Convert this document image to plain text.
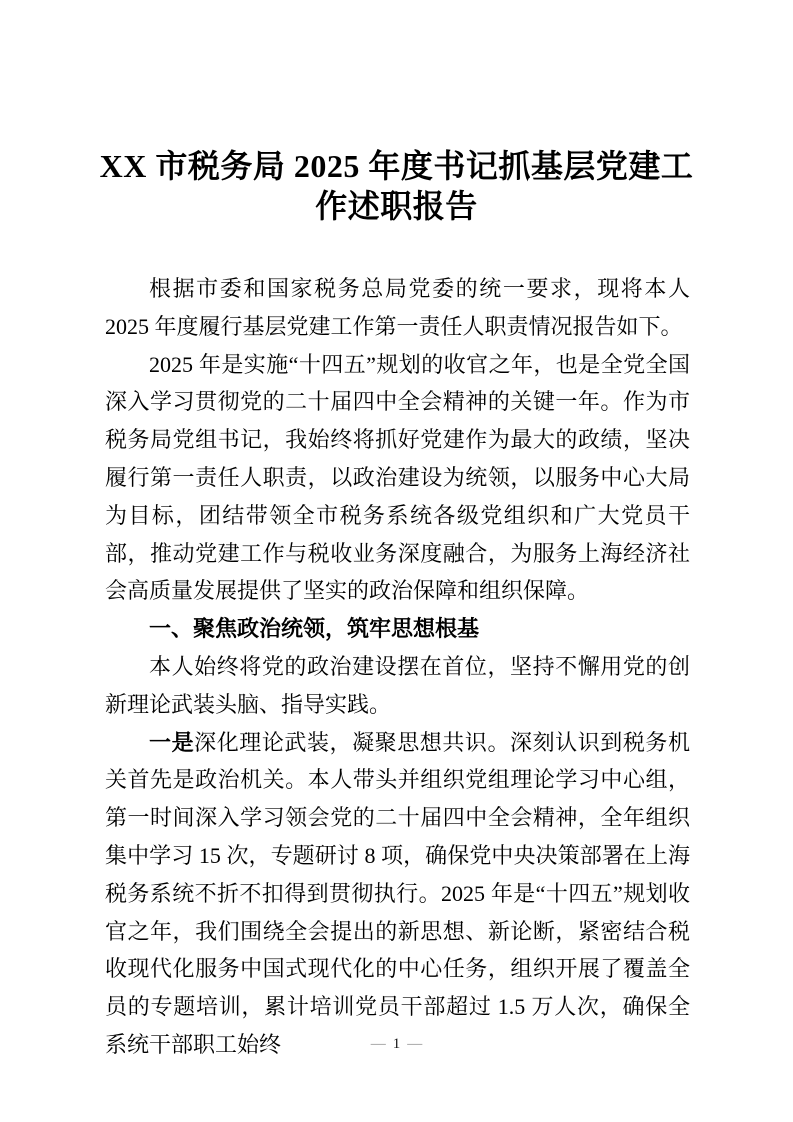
XX 市税务局 2025 年度书记抓基层党建工
作述职报告

根据市委和国家税务总局党委的统一要求，现将本人 2025 年度履行基层党建工作第一责任人职责情况报告如下。

2025 年是实施“十四五”规划的收官之年，也是全党全国深入学习贯彻党的二十届四中全会精神的关键一年。作为市税务局党组书记，我始终将抓好党建作为最大的政绩，坚决履行第一责任人职责，以政治建设为统领，以服务中心大局为目标，团结带领全市税务系统各级党组织和广大党员干部，推动党建工作与税收业务深度融合，为服务上海经济社会高质量发展提供了坚实的政治保障和组织保障。

一、聚焦政治统领，筑牢思想根基

本人始终将党的政治建设摆在首位，坚持不懈用党的创新理论武装头脑、指导实践。

一是深化理论武装，凝聚思想共识。深刻认识到税务机关首先是政治机关。本人带头并组织党组理论学习中心组，第一时间深入学习领会党的二十届四中全会精神，全年组织集中学习 15 次，专题研讨 8 项，确保党中央决策部署在上海税务系统不折不扣得到贯彻执行。2025 年是“十四五”规划收官之年，我们围绕全会提出的新思想、新论断，紧密结合税收现代化服务中国式现代化的中心任务，组织开展了覆盖全员的专题培训，累计培训党员干部超过 1.5 万人次，确保全系统干部职工始终	— 1 —
